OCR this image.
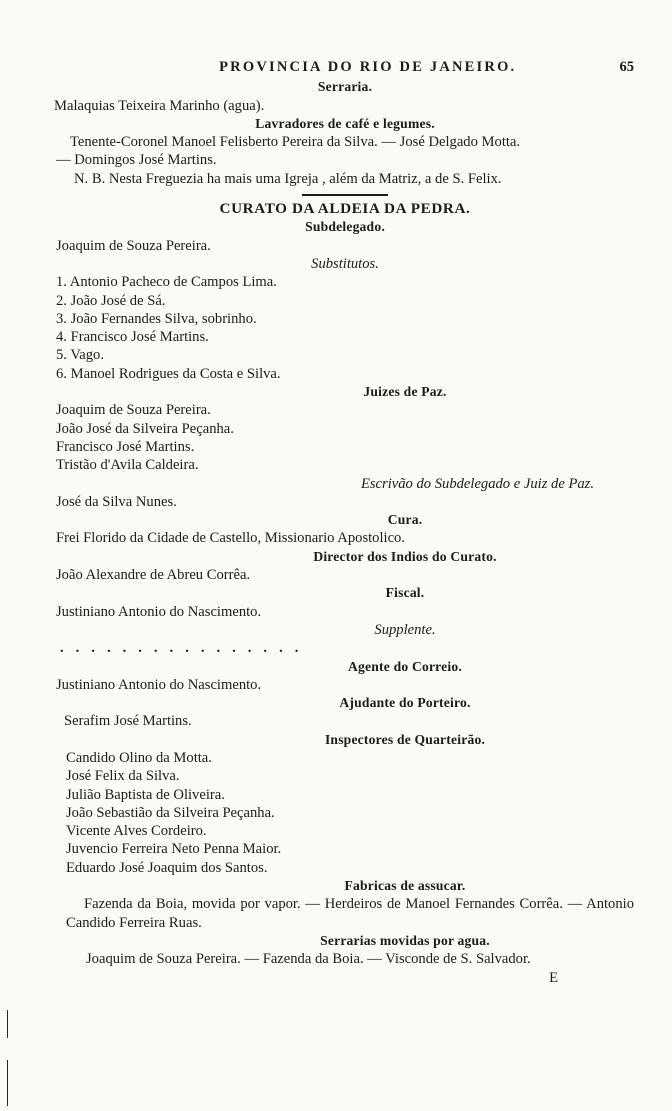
PROVINCIA DO RIO DE JANEIRO.	65
Serraria.
Malaquias Teixeira Marinho (agua).
Lavradores de café e legumes.
Tenente-Coronel Manoel Felisberto Pereira da Silva. — José Delgado Motta.
— Domingos José Martins.
N. B. Nesta Freguezia ha mais uma Igreja , além da Matriz, a de S. Felix.
CURATO DA ALDEIA DA PEDRA.
Subdelegado.
Joaquim de Souza Pereira.
Substitutos.
1. Antonio Pacheco de Campos Lima.
2. João José de Sá.
3. João Fernandes Silva, sobrinho.
4. Francisco José Martins.
5. Vago.
6. Manoel Rodrigues da Costa e Silva.
Juizes de Paz.
Joaquim de Souza Pereira.
João José da Silveira Peçanha.
Francisco José Martins.
Tristão d'Avila Caldeira.
Escrivão do Subdelegado e Juiz de Paz.
José da Silva Nunes.
Cura.
Frei Florido da Cidade de Castello, Missionario Apostolico.
Director dos Indios do Curato.
João Alexandre de Abreu Corrêa.
Fiscal.
Justiniano Antonio do Nascimento.
Supplente.
................
Agente do Correio.
Justiniano Antonio do Nascimento.
Ajudante do Porteiro.
Serafim José Martins.
Inspectores de Quarteirão.
Candido Olino da Motta.
José Felix da Silva.
Julião Baptista de Oliveira.
João Sebastião da Silveira Peçanha.
Vicente Alves Cordeiro.
Juvencio Ferreira Neto Penna Maior.
Eduardo José Joaquim dos Santos.
Fabricas de assucar.
Fazenda da Boia, movida por vapor. — Herdeiros de Manoel Fernandes Corrêa. — Antonio Candido Ferreira Ruas.
Serrarias movidas por agua.
Joaquim de Souza Pereira. — Fazenda da Boia. — Visconde de S. Salvador.
E
